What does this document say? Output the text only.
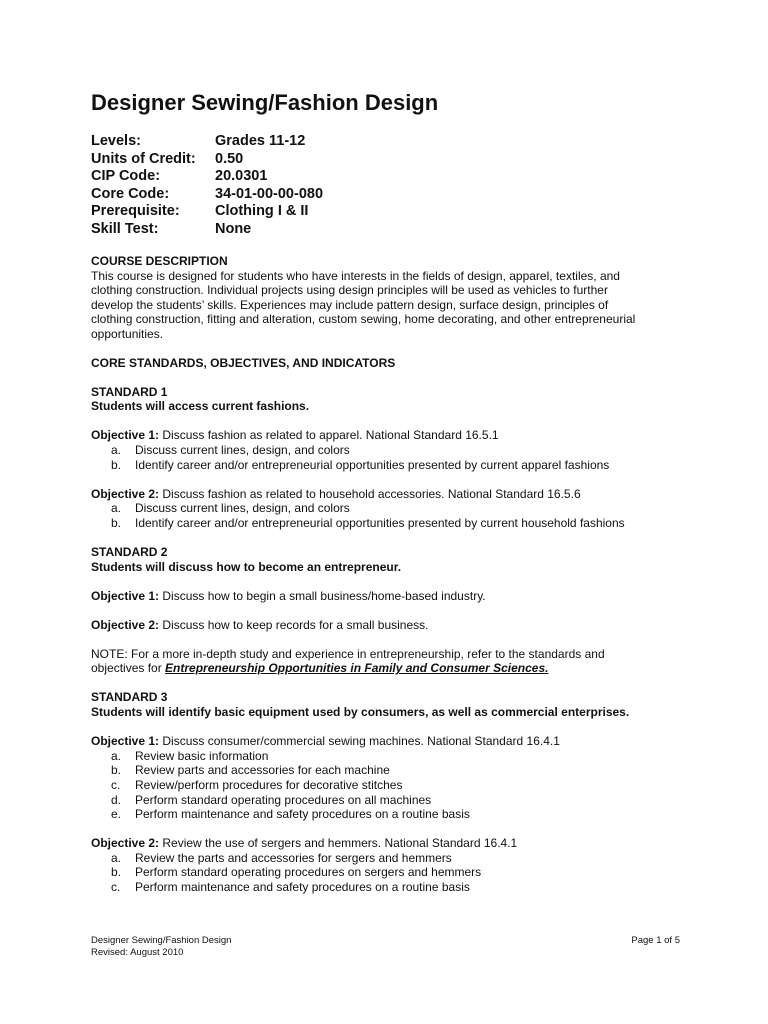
Designer Sewing/Fashion Design
Levels:	Grades 11-12
Units of Credit:	0.50
CIP Code:	20.0301
Core Code:	34-01-00-00-080
Prerequisite:	Clothing I & II
Skill Test:	None

COURSE DESCRIPTION

This course is designed for students who have interests in the fields of design, apparel, textiles, and

clothing construction. Individual projects using design principles will be used as vehicles to further

develop the students’ skills. Experiences may include pattern design, surface design, principles of

clothing construction, fitting and alteration, custom sewing, home decorating, and other entrepreneurial

opportunities.

CORE STANDARDS, OBJECTIVES, AND INDICATORS

STANDARD 1

Students will access current fashions.

Objective 1: Discuss fashion as related to apparel. National Standard 16.5.1

a.	Discuss current lines, design, and colors
b.	Identify career and/or entrepreneurial opportunities presented by current apparel fashions

Objective 2: Discuss fashion as related to household accessories. National Standard 16.5.6

a.	Discuss current lines, design, and colors
b.	Identify career and/or entrepreneurial opportunities presented by current household fashions

STANDARD 2

Students will discuss how to become an entrepreneur.

Objective 1: Discuss how to begin a small business/home-based industry.

Objective 2: Discuss how to keep records for a small business.

NOTE: For a more in-depth study and experience in entrepreneurship, refer to the standards and

objectives for Entrepreneurship Opportunities in Family and Consumer Sciences.

STANDARD 3

Students will identify basic equipment used by consumers, as well as commercial enterprises.

Objective 1: Discuss consumer/commercial sewing machines. National Standard 16.4.1

a.	Review basic information
b.	Review parts and accessories for each machine
c.	Review/perform procedures for decorative stitches
d.	Perform standard operating procedures on all machines
e.	Perform maintenance and safety procedures on a routine basis

Objective 2: Review the use of sergers and hemmers. National Standard 16.4.1

a.	Review the parts and accessories for sergers and hemmers
b.	Perform standard operating procedures on sergers and hemmers
c.	Perform maintenance and safety procedures on a routine basis
Designer Sewing/Fashion Design	Page 1 of 5
Revised: August 2010
